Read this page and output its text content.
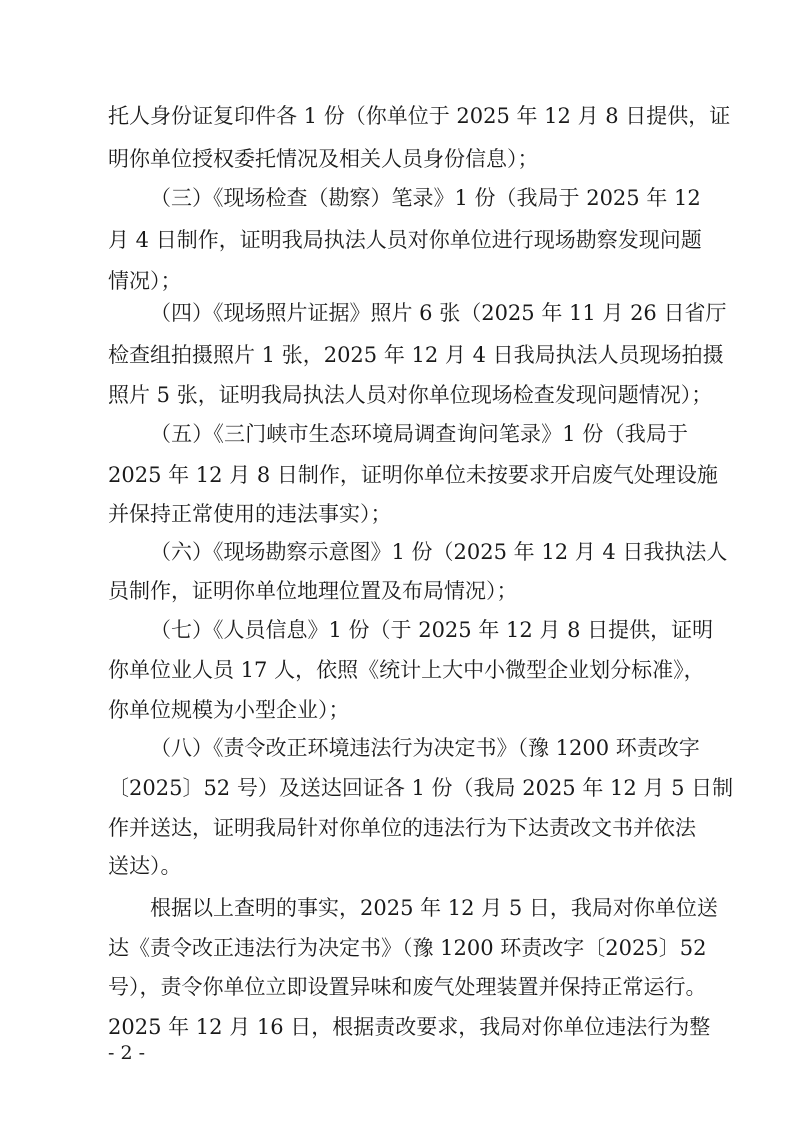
托人身份证复印件各 1 份（你单位于 2025 年 12 月 8 日提供，证
明你单位授权委托情况及相关人员身份信息）；
（三）《现场检查（勘察）笔录》1 份（我局于 2025 年 12
月 4 日制作，证明我局执法人员对你单位进行现场勘察发现问题
情况）；
（四）《现场照片证据》照片 6 张（2025 年 11 月 26 日省厅
检查组拍摄照片 1 张，2025 年 12 月 4 日我局执法人员现场拍摄
照片 5 张，证明我局执法人员对你单位现场检查发现问题情况）；
（五）《三门峡市生态环境局调查询问笔录》1 份（我局于
2025 年 12 月 8 日制作，证明你单位未按要求开启废气处理设施
并保持正常使用的违法事实）；
（六）《现场勘察示意图》1 份（2025 年 12 月 4 日我执法人
员制作，证明你单位地理位置及布局情况）；
（七）《人员信息》1 份（于 2025 年 12 月 8 日提供，证明
你单位业人员 17 人，依照《统计上大中小微型企业划分标准》，
你单位规模为小型企业）；
（八）《责令改正环境违法行为决定书》（豫 1200 环责改字
〔2025〕52 号）及送达回证各 1 份（我局 2025 年 12 月 5 日制
作并送达，证明我局针对你单位的违法行为下达责改文书并依法
送达）。
根据以上查明的事实，2025 年 12 月 5 日，我局对你单位送
达《责令改正违法行为决定书》（豫 1200 环责改字〔2025〕52
号），责令你单位立即设置异味和废气处理装置并保持正常运行。
2025 年 12 月 16 日，根据责改要求，我局对你单位违法行为整
- 2 -
